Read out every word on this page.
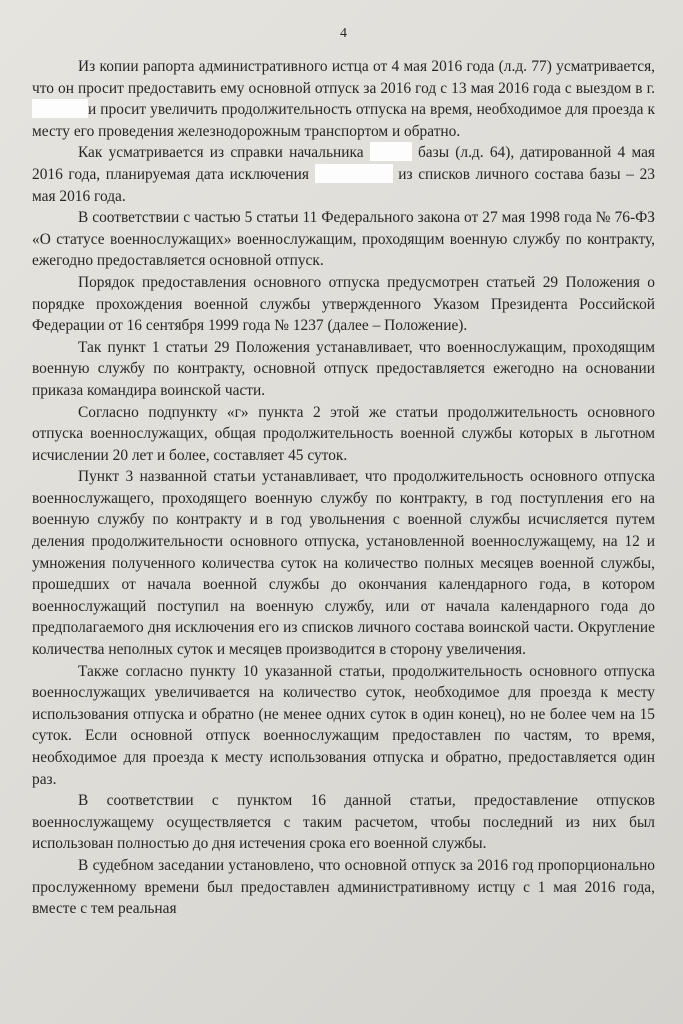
4

Из копии рапорта административного истца от 4 мая 2016 года (л.д. 77) усматривается, что он просит предоставить ему основной отпуск за 2016 год с 13 мая 2016 года с выездом в г. и просит увеличить продолжительность отпуска на время, необходимое для проезда к месту его проведения железнодорожным транспортом и обратно.

Как усматривается из справки начальника	базы (л.д. 64), датированной 4 мая 2016 года, планируемая дата исключения	из списков личного состава базы – 23 мая 2016 года.

В соответствии с частью 5 статьи 11 Федерального закона от 27 мая 1998 года № 76-ФЗ «О статусе военнослужащих» военнослужащим, проходящим военную службу по контракту, ежегодно предоставляется основной отпуск.

Порядок предоставления основного отпуска предусмотрен статьей 29 Положения о порядке прохождения военной службы утвержденного Указом Президента Российской Федерации от 16 сентября 1999 года № 1237 (далее – Положение).

Так пункт 1 статьи 29 Положения устанавливает, что военнослужащим, проходящим военную службу по контракту, основной отпуск предоставляется ежегодно на основании приказа командира воинской части.

Согласно подпункту «г» пункта 2 этой же статьи продолжительность основного отпуска военнослужащих, общая продолжительность военной службы которых в льготном исчислении 20 лет и более, составляет 45 суток.

Пункт 3 названной статьи устанавливает, что продолжительность основного отпуска военнослужащего, проходящего военную службу по контракту, в год поступления его на военную службу по контракту и в год увольнения с военной службы исчисляется путем деления продолжительности основного отпуска, установленной военнослужащему, на 12 и умножения полученного количества суток на количество полных месяцев военной службы, прошедших от начала военной службы до окончания календарного года, в котором военнослужащий поступил на военную службу, или от начала календарного года до предполагаемого дня исключения его из списков личного состава воинской части. Округление количества неполных суток и месяцев производится в сторону увеличения.

Также согласно пункту 10 указанной статьи, продолжительность основного отпуска военнослужащих увеличивается на количество суток, необходимое для проезда к месту использования отпуска и обратно (не менее одних суток в один конец), но не более чем на 15 суток. Если основной отпуск военнослужащим предоставлен по частям, то время, необходимое для проезда к месту использования отпуска и обратно, предоставляется один раз.

В соответствии с пунктом 16 данной статьи, предоставление отпусков военнослужащему осуществляется с таким расчетом, чтобы последний из них был использован полностью до дня истечения срока его военной службы.

В судебном заседании установлено, что основной отпуск за 2016 год пропорционально прослуженному времени был предоставлен административному истцу с 1 мая 2016 года, вместе с тем реальная
